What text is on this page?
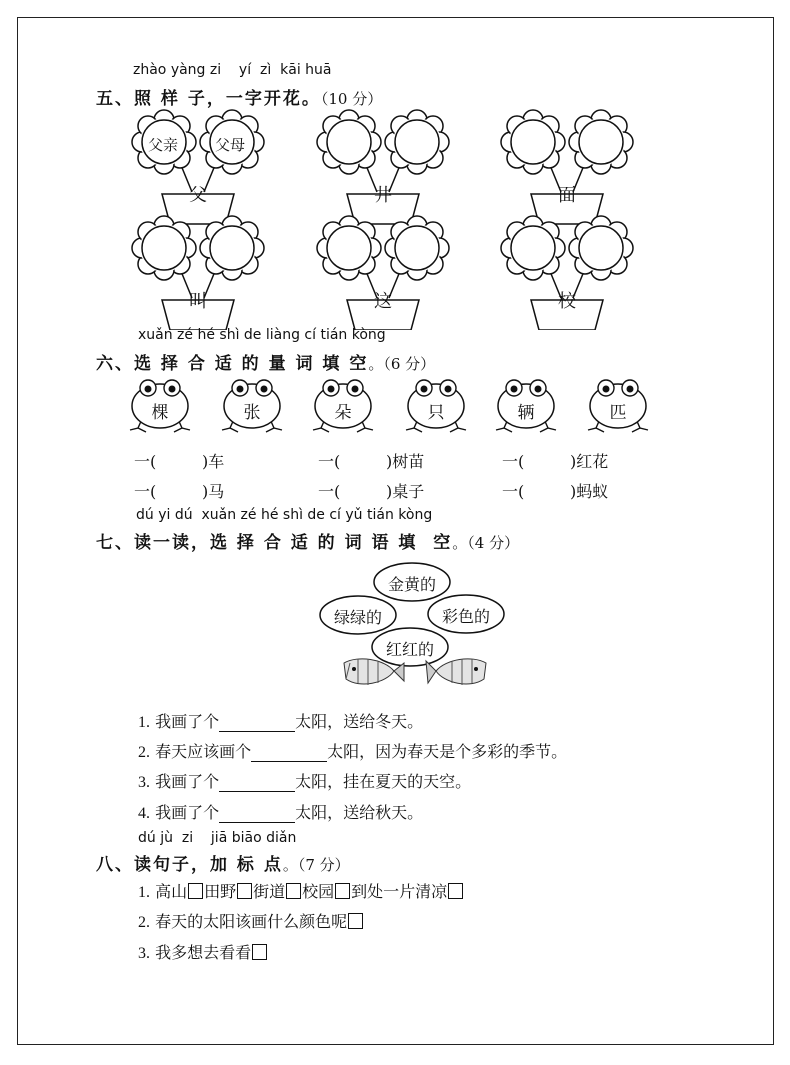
zhào yàng zi    yí  zì  kāi huā
五、照 样 子，一字开花。（10 分）
父亲	父母
父	井	面
叫	这	校
xuǎn zé hé shì de liàng cí tián kòng
六、选 择 合 适 的 量 词 填 空。（6 分）
棵	张	朵	只	辆	匹
一(         )车	一(         )树苗	一(         )红花
一(         )马	一(         )桌子	一(         )蚂蚁
dú yi dú  xuǎn zé hé shì de cí yǔ tián kòng
七、读一读，选 择 合 适 的 词 语 填  空。（4 分）
金黄的
绿绿的	彩色的
红红的
1. 我画了个	太阳，送给冬天。
2. 春天应该画个	太阳，因为春天是个多彩的季节。
3. 我画了个	太阳，挂在夏天的天空。
4. 我画了个	太阳，送给秋天。
dú jù  zi    jiā biāo diǎn
八、读句子，加 标 点。（7 分）
1. 高山 田野 街道 校园 到处一片清凉
2. 春天的太阳该画什么颜色呢
3. 我多想去看看
